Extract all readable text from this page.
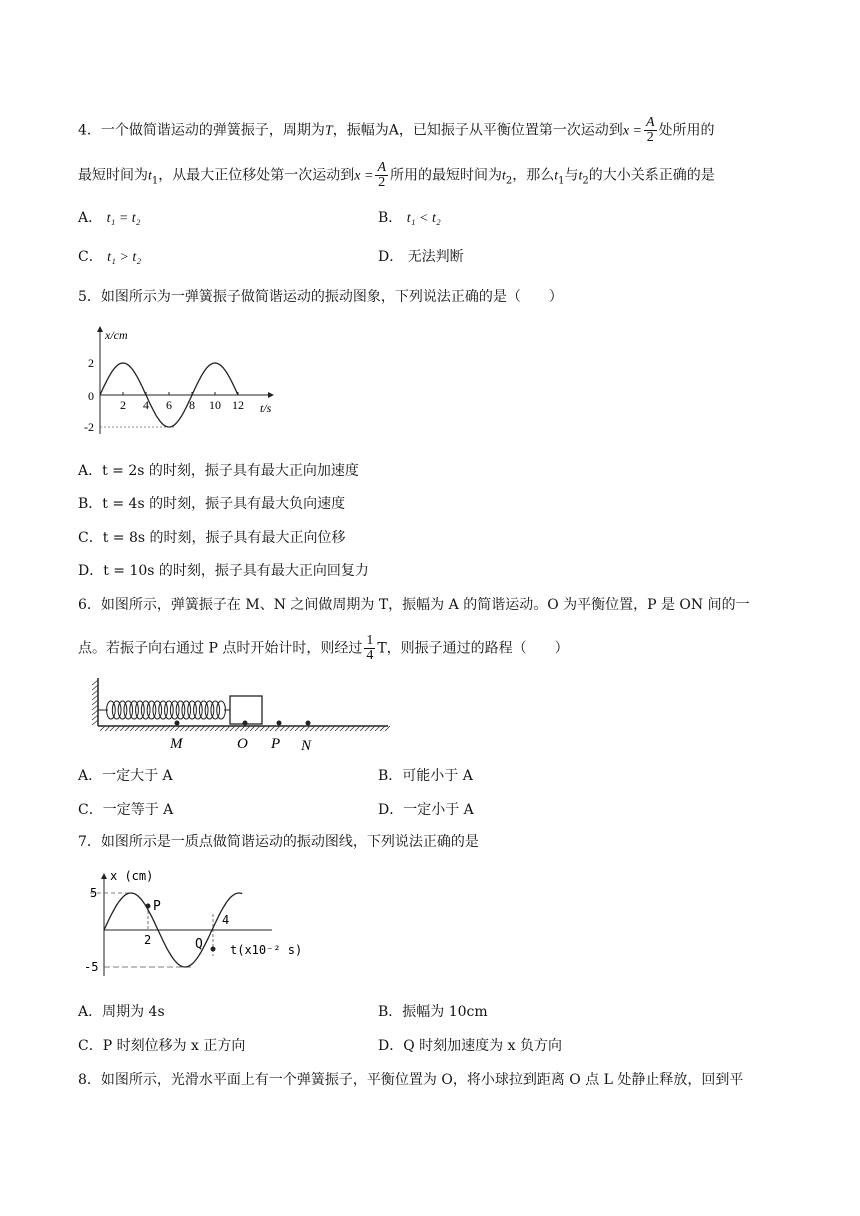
4．一个做简谐运动的弹簧振子，周期为T，振幅为A，已知振子从平衡位置第一次运动到$x = \frac{A}{2}$ 处所用的
最短时间为$t_1$，从最大正位移处第一次运动到$x = \frac{A}{2}$ 所用的最短时间为$t_2$，那么$t_1$与$t_2$的大小关系正确的是
A． t₁ = t₂	B． t₁ < t₂
C． t₁ > t₂	D． 无法判断
5．如图所示为一弹簧振子做简谐运动的振动图象，下列说法正确的是（　　）
x/cm
2
0
-2
2 4 6 8 10 12 t/s
A．t = 2s 的时刻，振子具有最大正向加速度
B．t = 4s 的时刻，振子具有最大负向速度
C．t = 8s 的时刻，振子具有最大正向位移
D．t = 10s 的时刻，振子具有最大正向回复力
6．如图所示，弹簧振子在 M、N 之间做周期为 T，振幅为 A 的简谐运动。O 为平衡位置，P 是 ON 间的一
点。若振子向右通过 P 点时开始计时，则经过 $\frac{1}{4}$ T，则振子通过的路程（　　）
M	O P N
A．一定大于 A	B．可能小于 A
C．一定等于 A	D．一定小于 A
7．如图所示是一质点做简谐运动的振动图线，下列说法正确的是
x (cm)
5
-5
2
4
P
Q t(x10⁻² s)
A．周期为 4s	B．振幅为 10cm
C．P 时刻位移为 x 正方向	D．Q 时刻加速度为 x 负方向
8．如图所示，光滑水平面上有一个弹簧振子，平衡位置为 O，将小球拉到距离 O 点 L 处静止释放，回到平
